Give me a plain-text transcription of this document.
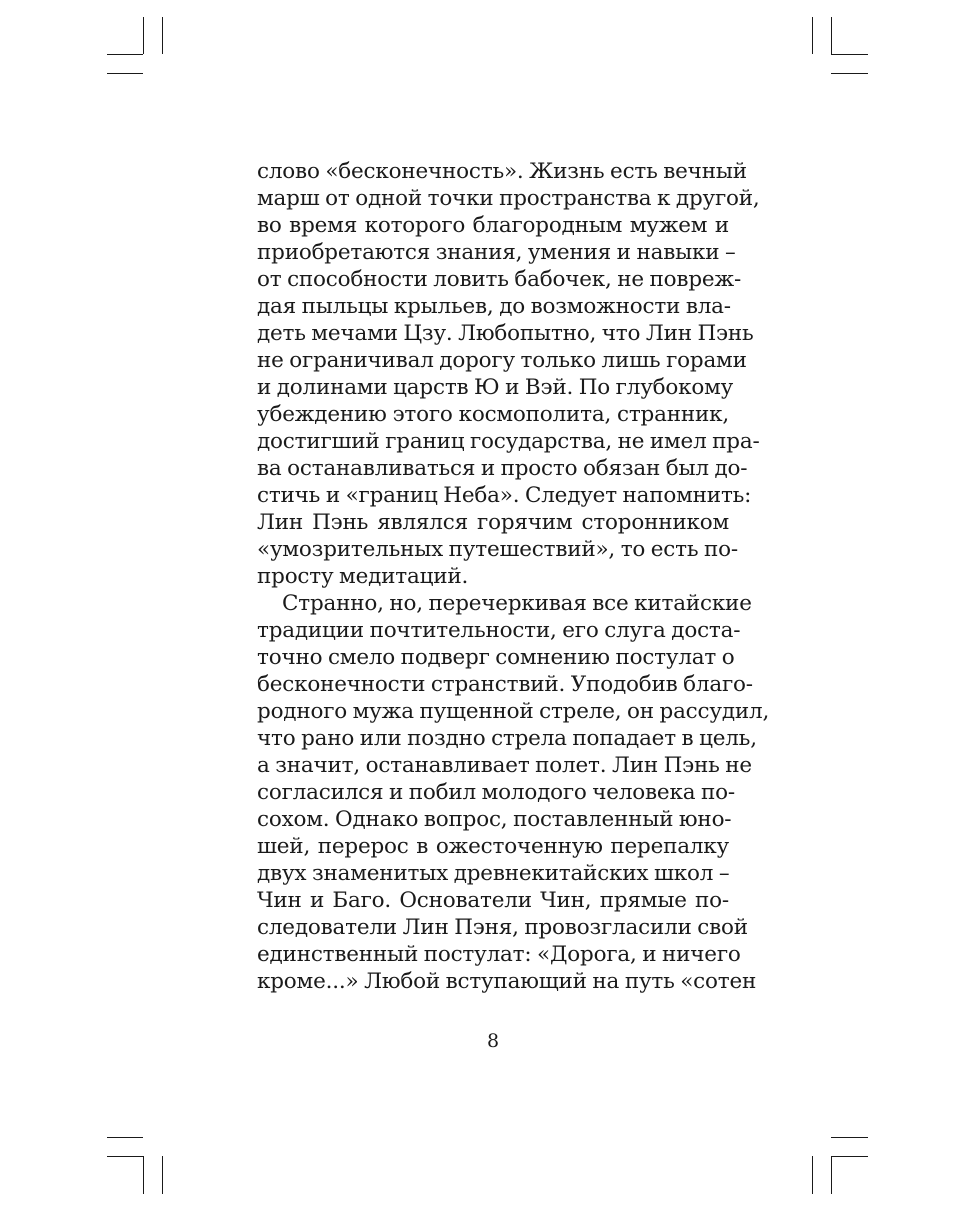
слово «бесконечность». Жизнь есть вечный
марш от одной точки пространства к другой,
во время которого благородным мужем и
приобретаются знания, умения и навыки –
от способности ловить бабочек, не повреж-
дая пыльцы крыльев, до возможности вла-
деть мечами Цзу. Любопытно, что Лин Пэнь
не ограничивал дорогу только лишь горами
и долинами царств Ю и Вэй. По глубокому
убеждению этого космополита, странник,
достигший границ государства, не имел пра-
ва останавливаться и просто обязан был до-
стичь и «границ Неба». Следует напомнить:
Лин Пэнь являлся горячим сторонником
«умозрительных путешествий», то есть по-
просту медитаций.
Странно, но, перечеркивая все китайские
традиции почтительности, его слуга доста-
точно смело подверг сомнению постулат о
бесконечности странствий. Уподобив благо-
родного мужа пущенной стреле, он рассудил,
что рано или поздно стрела попадает в цель,
а значит, останавливает полет. Лин Пэнь не
согласился и побил молодого человека по-
сохом. Однако вопрос, поставленный юно-
шей, перерос в ожесточенную перепалку
двух знаменитых древнекитайских школ –
Чин и Баго. Основатели Чин, прямые по-
следователи Лин Пэня, провозгласили свой
единственный постулат: «Дорога, и ничего
кроме...» Любой вступающий на путь «сотен
8
